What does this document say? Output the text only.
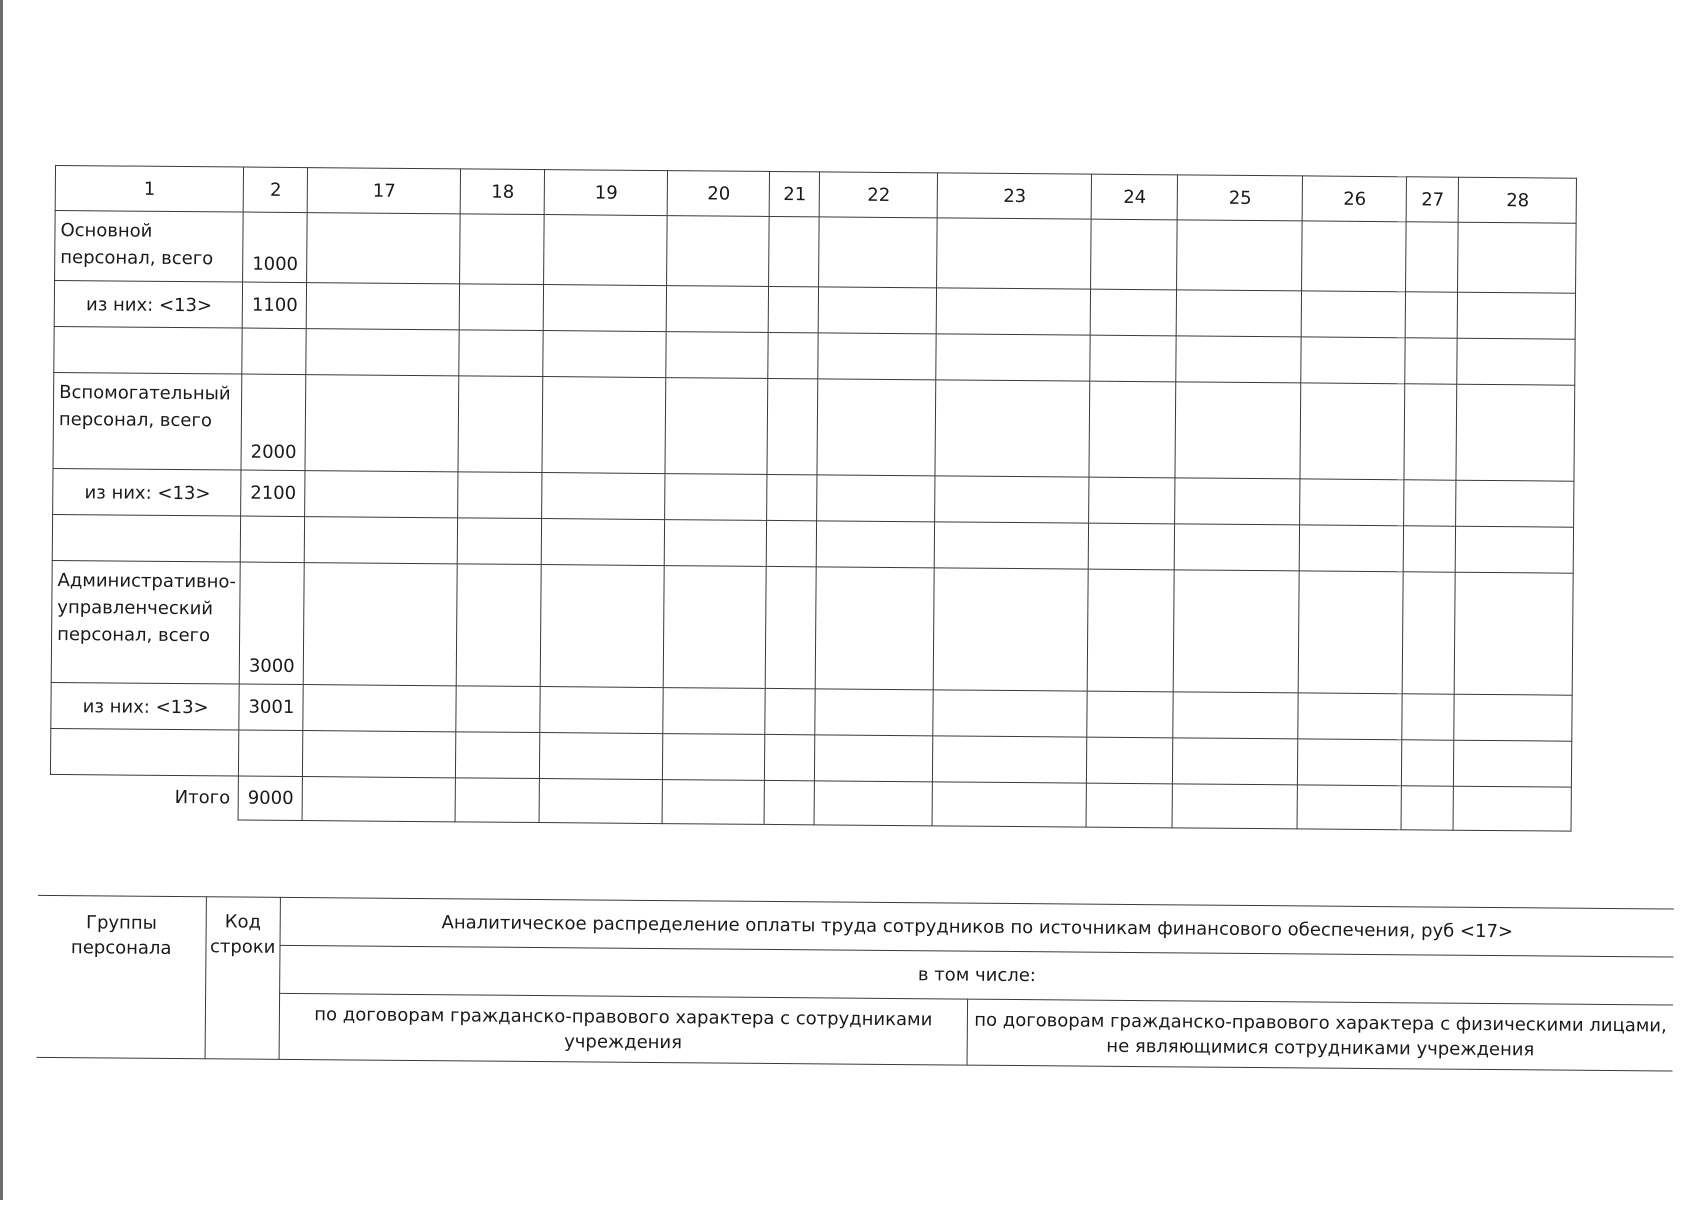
1	2	17	18	19	20	21	22	23	24	25	26	27	28
Основной персонал, всего	1000												
из них: <13>	1100												

Вспомогательный персонал, всего	2000												
из них: <13>	2100												

Административно-управленческий персонал, всего	3000												
из них: <13>	3001												

Итого	9000												
Группы персонала	Код строки	Аналитическое распределение оплаты труда сотрудников по источникам финансового обеспечения, руб <17>	
		в том числе:	
		по договорам гражданско-правового характера с сотрудниками учреждения	по договорам гражданско-правового характера с физическими лицами, не являющимися сотрудниками учреждения
